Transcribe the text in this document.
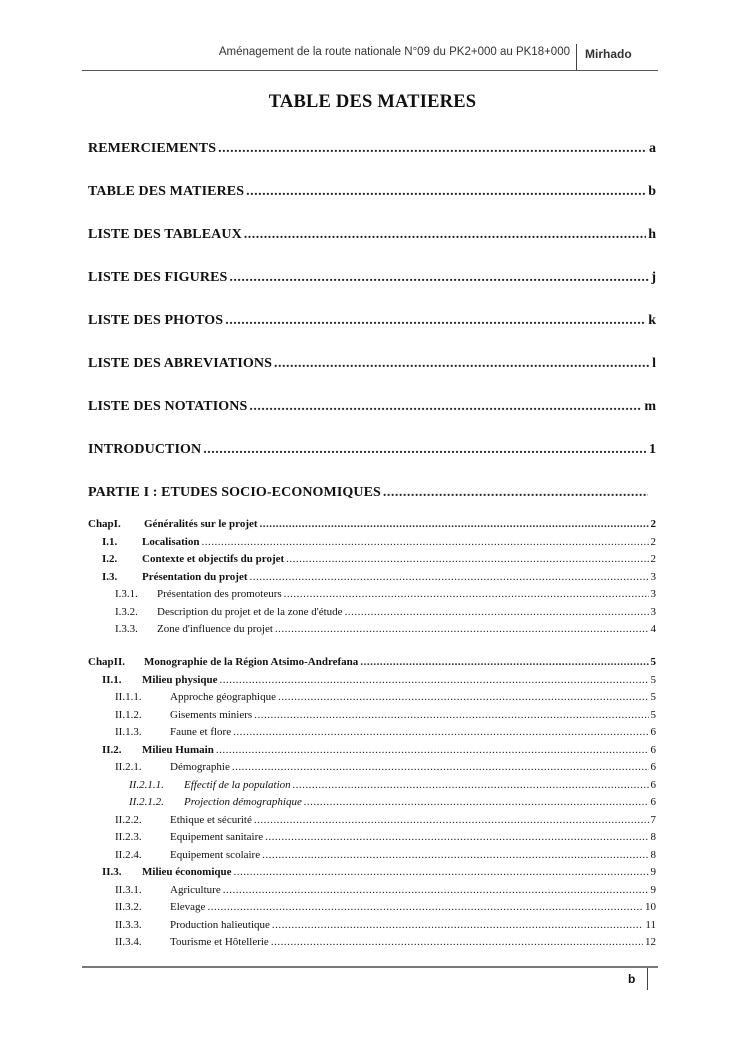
Aménagement de la route nationale N°09 du PK2+000 au PK18+000 Mirhado
TABLE DES MATIERES
REMERCIEMENTS .....	a
TABLE DES MATIERES .....	b
LISTE DES TABLEAUX .....	h
LISTE DES FIGURES .....	j
LISTE DES PHOTOS .....	k
LISTE DES ABREVIATIONS .....	l
LISTE DES NOTATIONS .....	m
INTRODUCTION .....	1
PARTIE I : ETUDES SOCIO-ECONOMIQUES
.....
ChapI.	Généralités sur le projet .....	2
I.1.	Localisation .....	2
I.2.	Contexte et objectifs du projet .....	2
I.3.	Présentation du projet .....	3
I.3.1.	Présentation des promoteurs .....	3
I.3.2.	Description du projet et de la zone d'étude .....	3
I.3.3.	Zone d'influence du projet .....	4
ChapII.	Monographie de la Région Atsimo-Andrefana .....	5
II.1.	Milieu physique .....	5
II.1.1.	Approche géographique .....	5
II.1.2.	Gisements miniers .....	5
II.1.3.	Faune et flore .....	6
II.2.	Milieu Humain .....	6
II.2.1.	Démographie .....	6
II.2.1.1.	Effectif de la population .....	6
II.2.1.2.	Projection démographique .....	6
II.2.2.	Ethique et sécurité .....	7
II.2.3.	Equipement sanitaire .....	8
II.2.4.	Equipement scolaire .....	8
II.3.	Milieu économique .....	9
II.3.1.	Agriculture .....	9
II.3.2.	Elevage .....	10
II.3.3.	Production halieutique .....	11
II.3.4.	Tourisme et Hôtellerie .....	12
b
